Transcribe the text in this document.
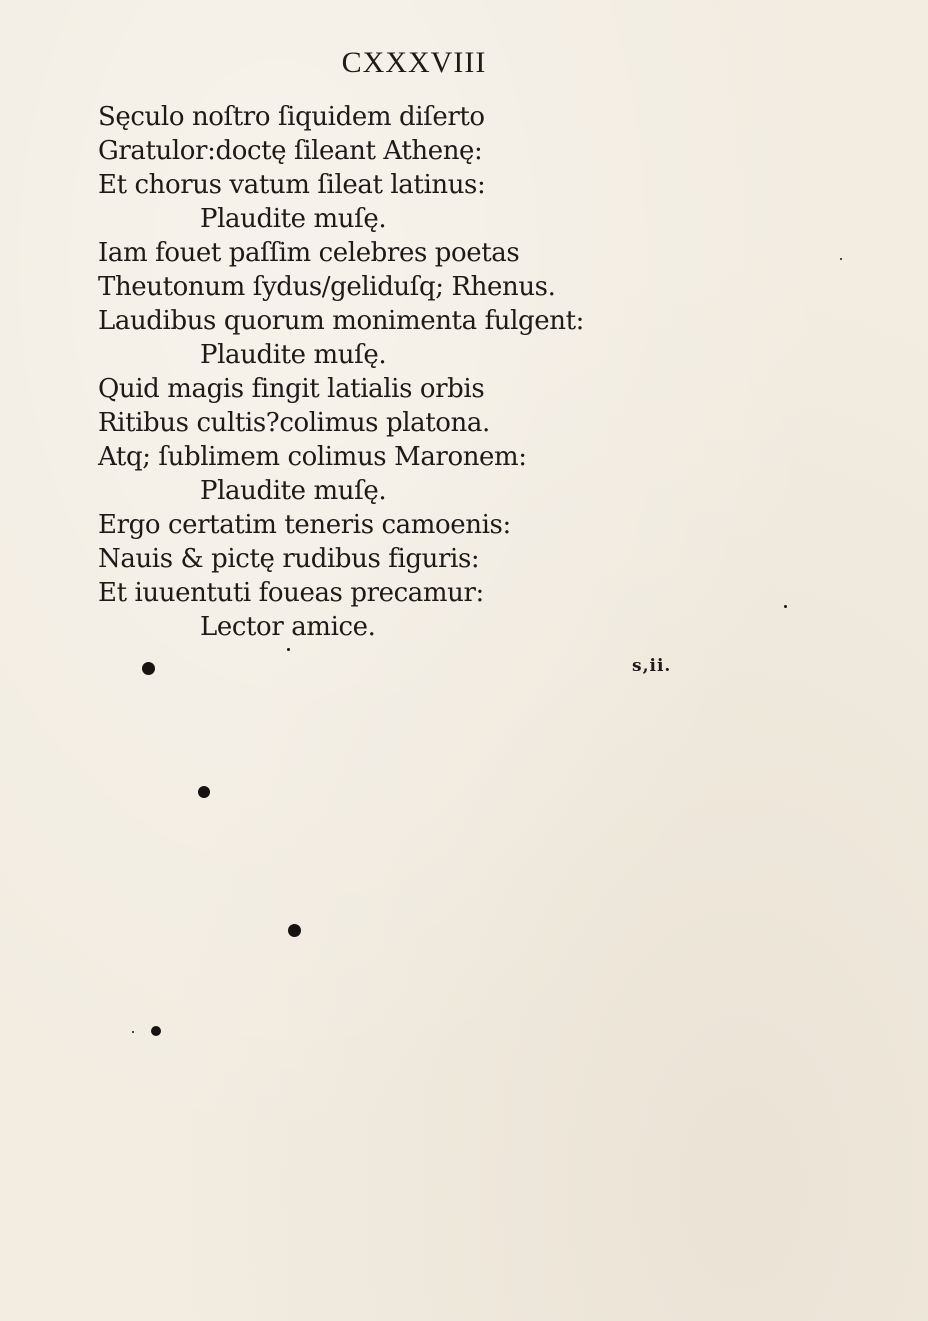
CXXXVIII
Sęculo noſtro ſiquidem diſerto
Gratulor:doctę ſileant Athenę:
Et chorus vatum ſileat latinus:
Plaudite muſę.
Iam fouet paſſim celebres poetas
Theutonum ſydus/geliduſq; Rhenus.
Laudibus quorum monimenta fulgent:
Plaudite muſę.
Quid magis fingit latialis orbis
Ritibus cultis?colimus platona.
Atq; ſublimem colimus Maronem:
Plaudite muſę.
Ergo certatim teneris camoenis:
Nauis & pictę rudibus figuris:
Et iuuentuti foueas precamur:
Lector amice.
s,ii.
